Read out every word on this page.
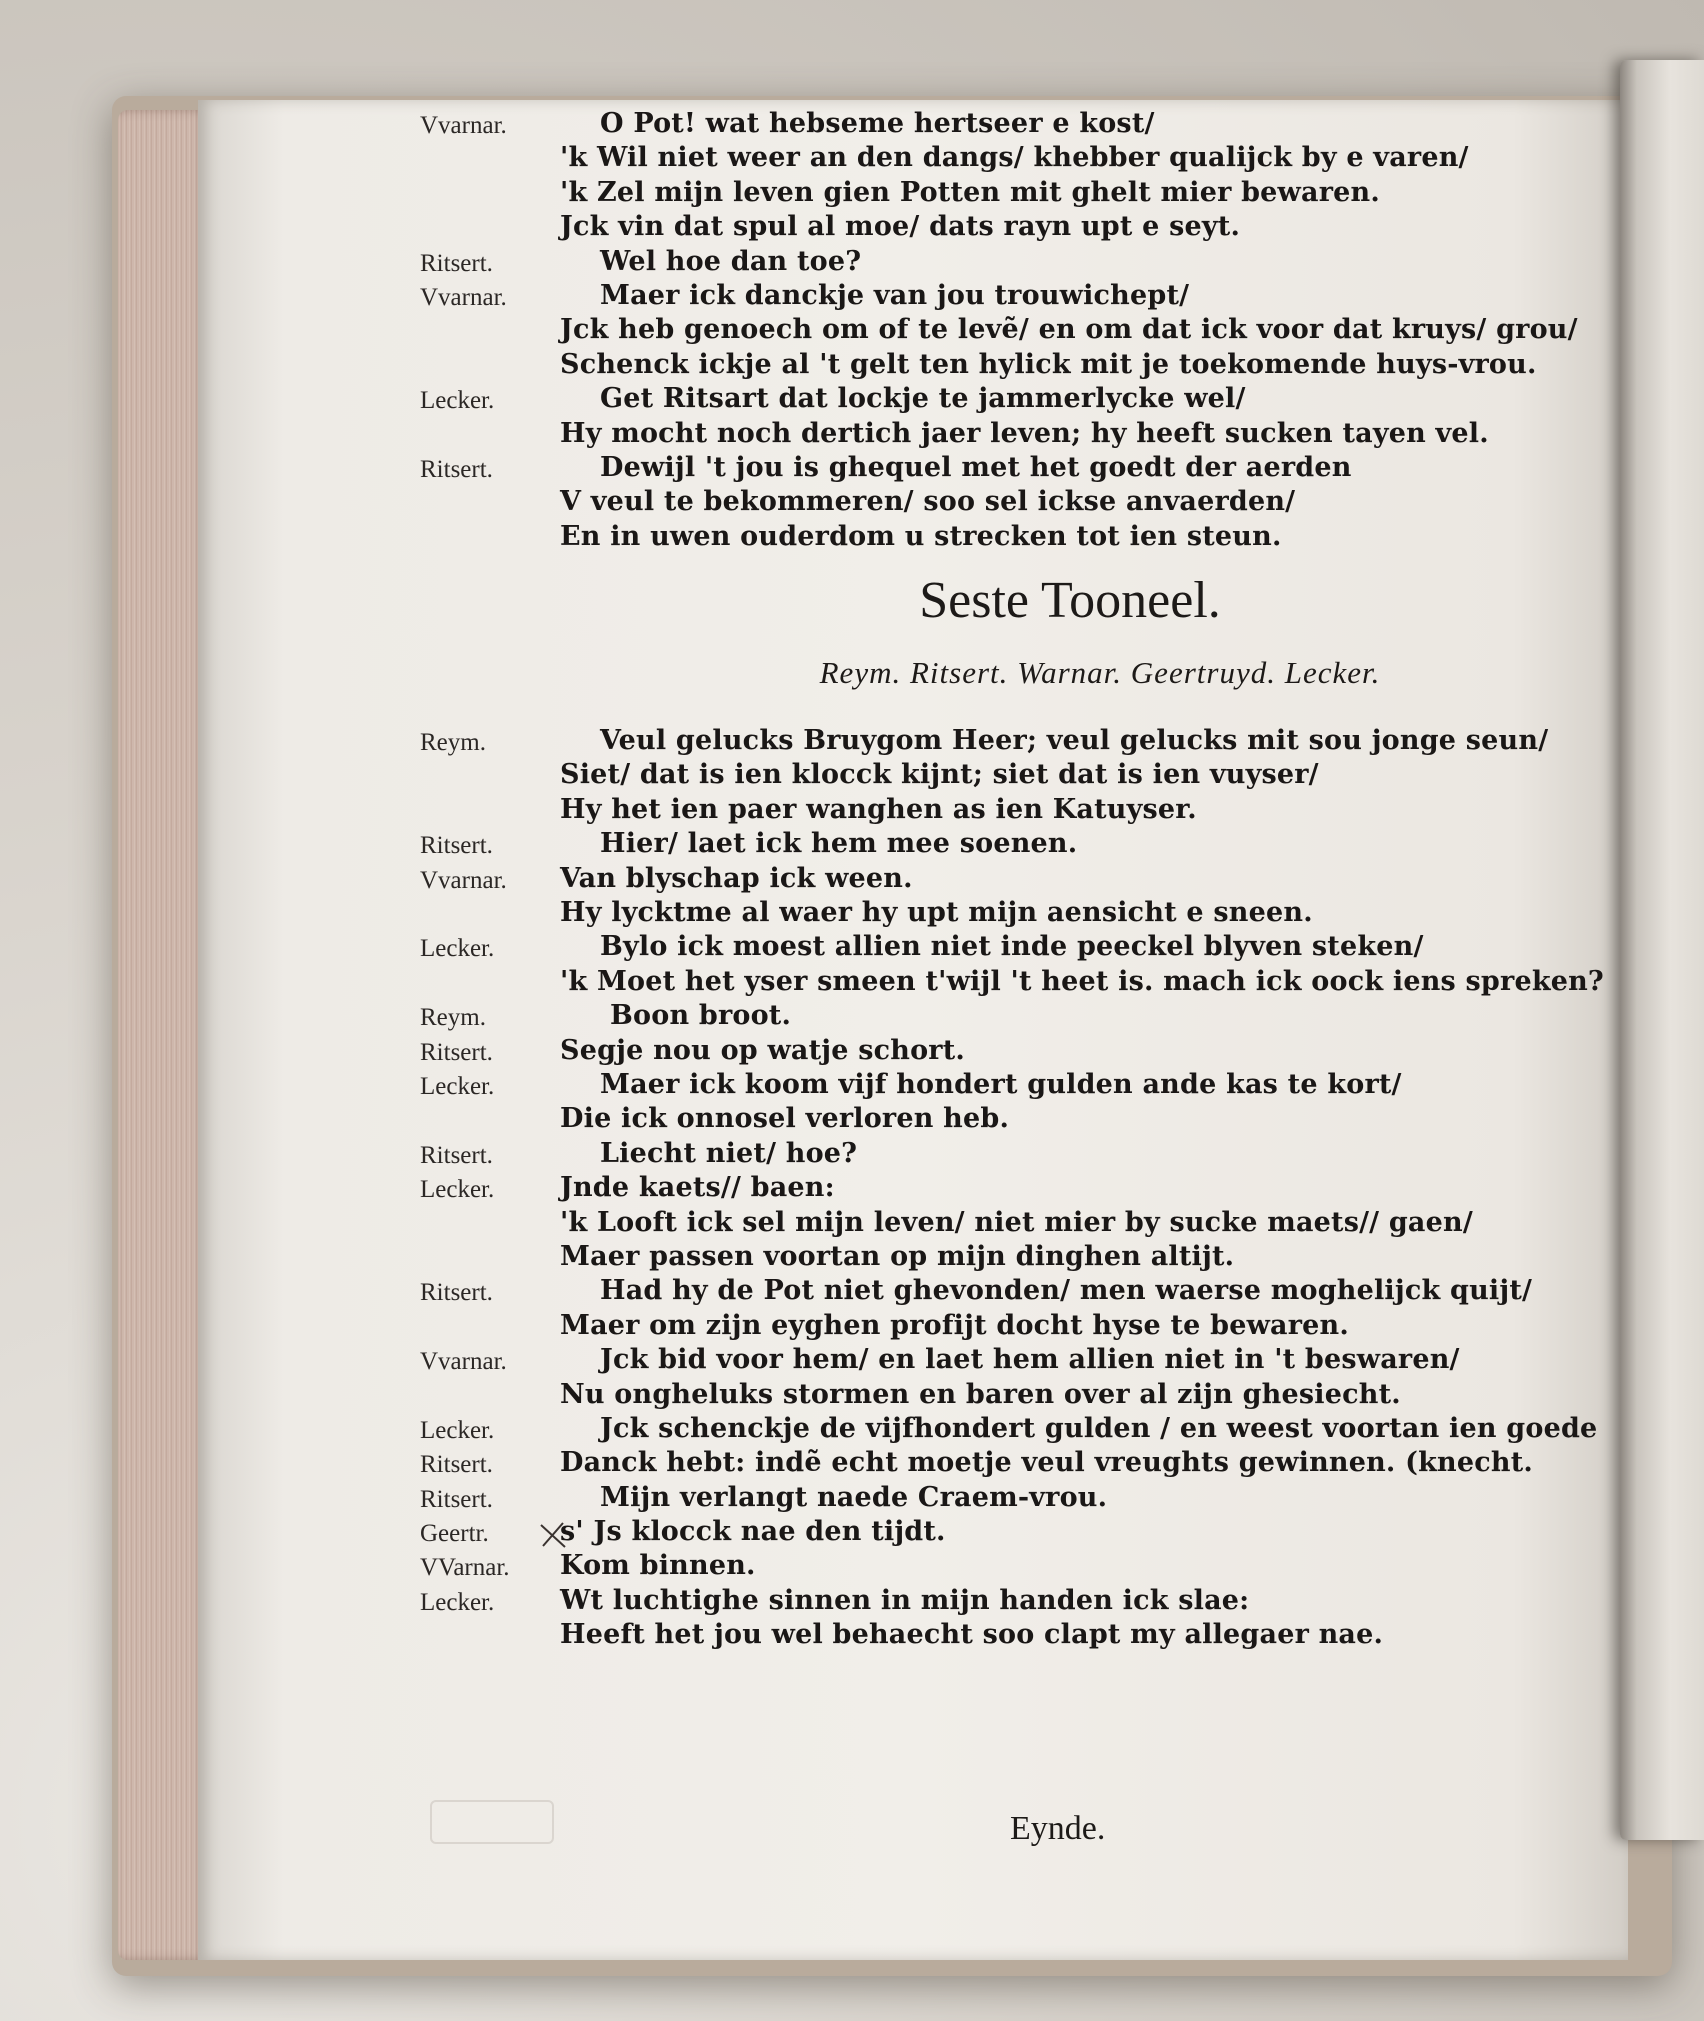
Vvarnar.	O Pot! wat hebseme hertseer e kost/
'k Wil niet weer an den dangs/ khebber qualijck by e varen/
'k Zel mijn leven gien Potten mit ghelt mier bewaren.
Jck vin dat spul al moe/ dats rayn upt e seyt.
Ritsert.	Wel hoe dan toe?
Vvarnar.	Maer ick danckje van jou trouwichept/
Jck heb genoech om of te levẽ/ en om dat ick voor dat kruys/ grou/
Schenck ickje al 't gelt ten hylick mit je toekomende huys-vrou.
Lecker.	Get Ritsart dat lockje te jammerlycke wel/
Hy mocht noch dertich jaer leven; hy heeft sucken tayen vel.
Ritsert.	Dewijl 't jou is ghequel met het goedt der aerden
V veul te bekommeren/ soo sel ickse anvaerden/
En in uwen ouderdom u strecken tot ien steun.
Seste Tooneel.
Reym. Ritsert. Warnar. Geertruyd. Lecker.
Reym.	Veul gelucks Bruygom Heer; veul gelucks mit sou jonge seun/
Siet/ dat is ien klocck kijnt; siet dat is ien vuyser/
Hy het ien paer wanghen as ien Katuyser.
Ritsert.	Hier/ laet ick hem mee soenen.
Vvarnar. Van blyschap ick ween.
Hy lycktme al waer hy upt mijn aensicht e sneen.
Lecker.	Bylo ick moest allien niet inde peeckel blyven steken/
'k Moet het yser smeen t'wijl 't heet is. mach ick oock iens spreken?
Reym.	Boon broot.
Ritsert. Segje nou op watje schort.
Lecker.	Maer ick koom vijf hondert gulden ande kas te kort/
Die ick onnosel verloren heb.
Ritsert.	Liecht niet/ hoe?
Lecker. Jnde kaets// baen:
'k Looft ick sel mijn leven/ niet mier by sucke maets// gaen/
Maer passen voortan op mijn dinghen altijt.
Ritsert.	Had hy de Pot niet ghevonden/ men waerse moghelijck quijt/
Maer om zijn eyghen profijt docht hyse te bewaren.
Vvarnar.	Jck bid voor hem/ en laet hem allien niet in 't beswaren/
Nu ongheluks stormen en baren over al zijn ghesiecht.
Lecker.	Jck schenckje de vijfhondert gulden / en weest voortan ien goede
Ritsert. Danck hebt: indẽ echt moetje veul vreughts gewinnen. (knecht.
Ritsert.	Mijn verlangt naede Craem-vrou.
Geertr.	s' Js klocck nae den tijdt.
VVarnar. Kom binnen.
Lecker. Wt luchtighe sinnen in mijn handen ick slae:
Heeft het jou wel behaecht soo clapt my allegaer nae.
Eynde.
